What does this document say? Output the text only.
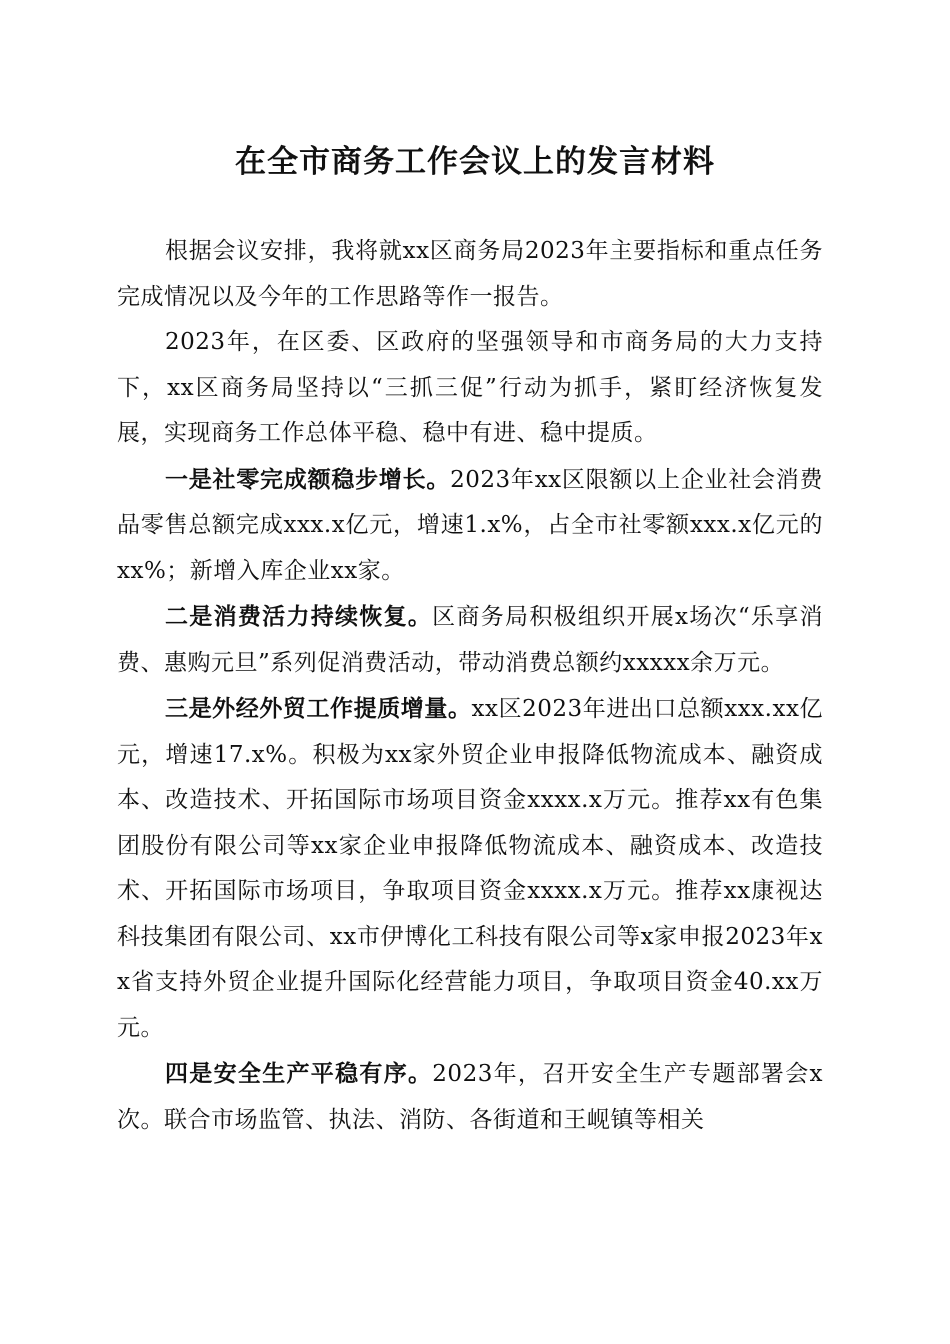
在全市商务工作会议上的发言材料

根据会议安排，我将就xx区商务局2023年主要指标和重点任务完成情况以及今年的工作思路等作一报告。

2023年，在区委、区政府的坚强领导和市商务局的大力支持下，xx区商务局坚持以“三抓三促”行动为抓手，紧盯经济恢复发展，实现商务工作总体平稳、稳中有进、稳中提质。

一是社零完成额稳步增长。2023年xx区限额以上企业社会消费品零售总额完成xxx.x亿元，增速1.x%，占全市社零额xxx.x亿元的xx%；新增入库企业xx家。

二是消费活力持续恢复。区商务局积极组织开展x场次“乐享消费、惠购元旦”系列促消费活动，带动消费总额约xxxxx余万元。

三是外经外贸工作提质增量。xx区2023年进出口总额xxx.xx亿元，增速17.x%。积极为xx家外贸企业申报降低物流成本、融资成本、改造技术、开拓国际市场项目资金xxxx.x万元。推荐xx有色集团股份有限公司等xx家企业申报降低物流成本、融资成本、改造技术、开拓国际市场项目，争取项目资金xxxx.x万元。推荐xx康视达科技集团有限公司、xx市伊博化工科技有限公司等x家申报2023年xx省支持外贸企业提升国际化经营能力项目，争取项目资金40.xx万元。

四是安全生产平稳有序。2023年，召开安全生产专题部署会x次。联合市场监管、执法、消防、各街道和王岘镇等相关
